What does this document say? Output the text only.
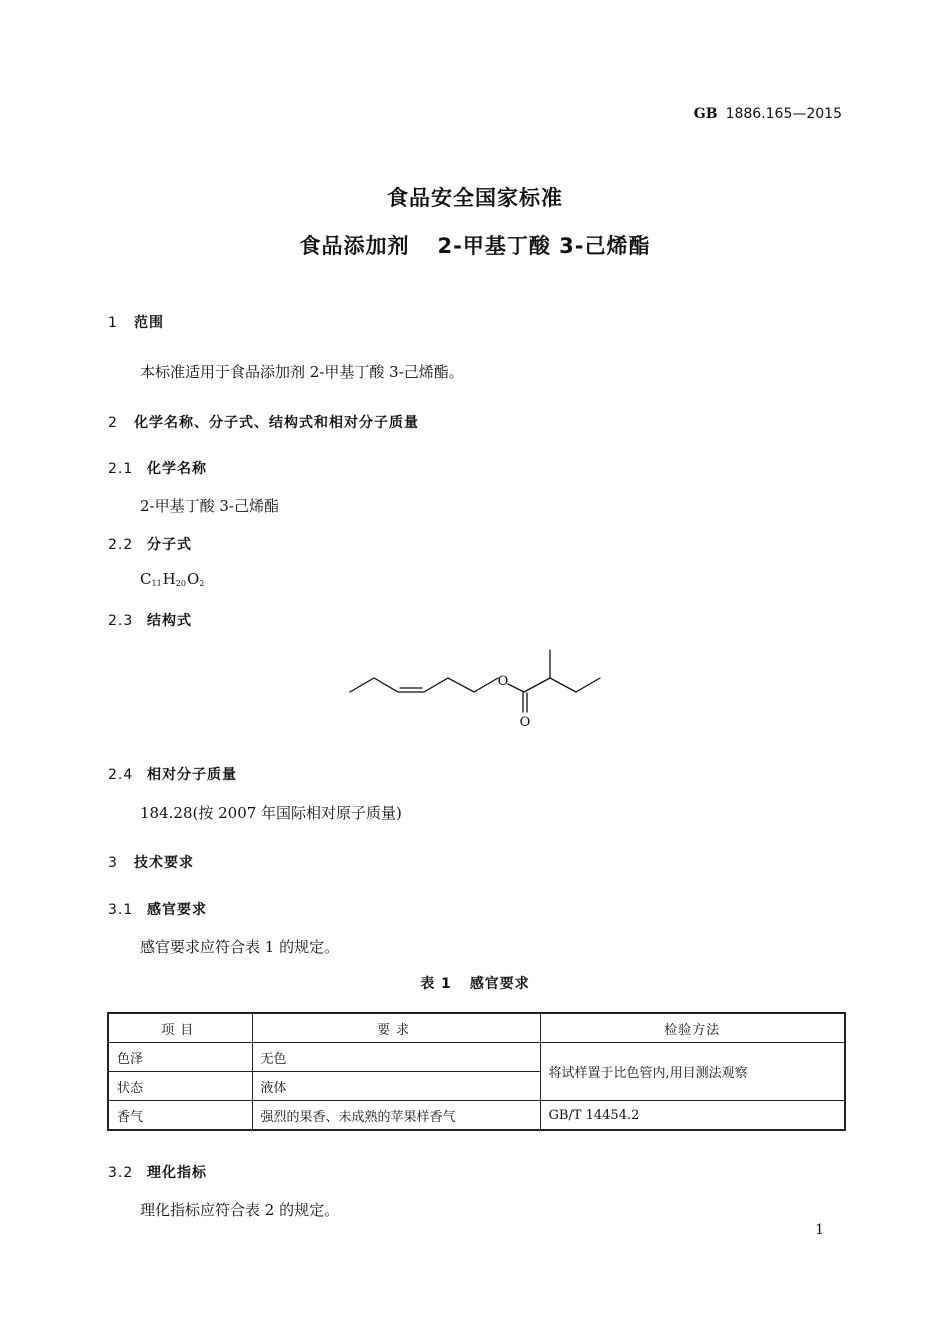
GB 1886.165—2015
食品安全国家标准
食品添加剂 2-甲基丁酸 3-己烯酯
1 范围
本标准适用于食品添加剂 2-甲基丁酸 3-己烯酯。
2 化学名称、分子式、结构式和相对分子质量
2.1 化学名称
2-甲基丁酸 3-己烯酯
2.2 分子式
$C_{11}H_{20}O_2$
2.3 结构式
O
O
2.4 相对分子质量
184.28(按 2007 年国际相对原子质量)
3 技术要求
3.1 感官要求
感官要求应符合表 1 的规定。
表 1 感官要求
项目	要求	检验方法
色泽	无色	将试样置于比色管内,用目测法观察
状态	液体	
香气	强烈的果香、未成熟的苹果样香气	GB/T 14454.2
3.2 理化指标
理化指标应符合表 2 的规定。
1
